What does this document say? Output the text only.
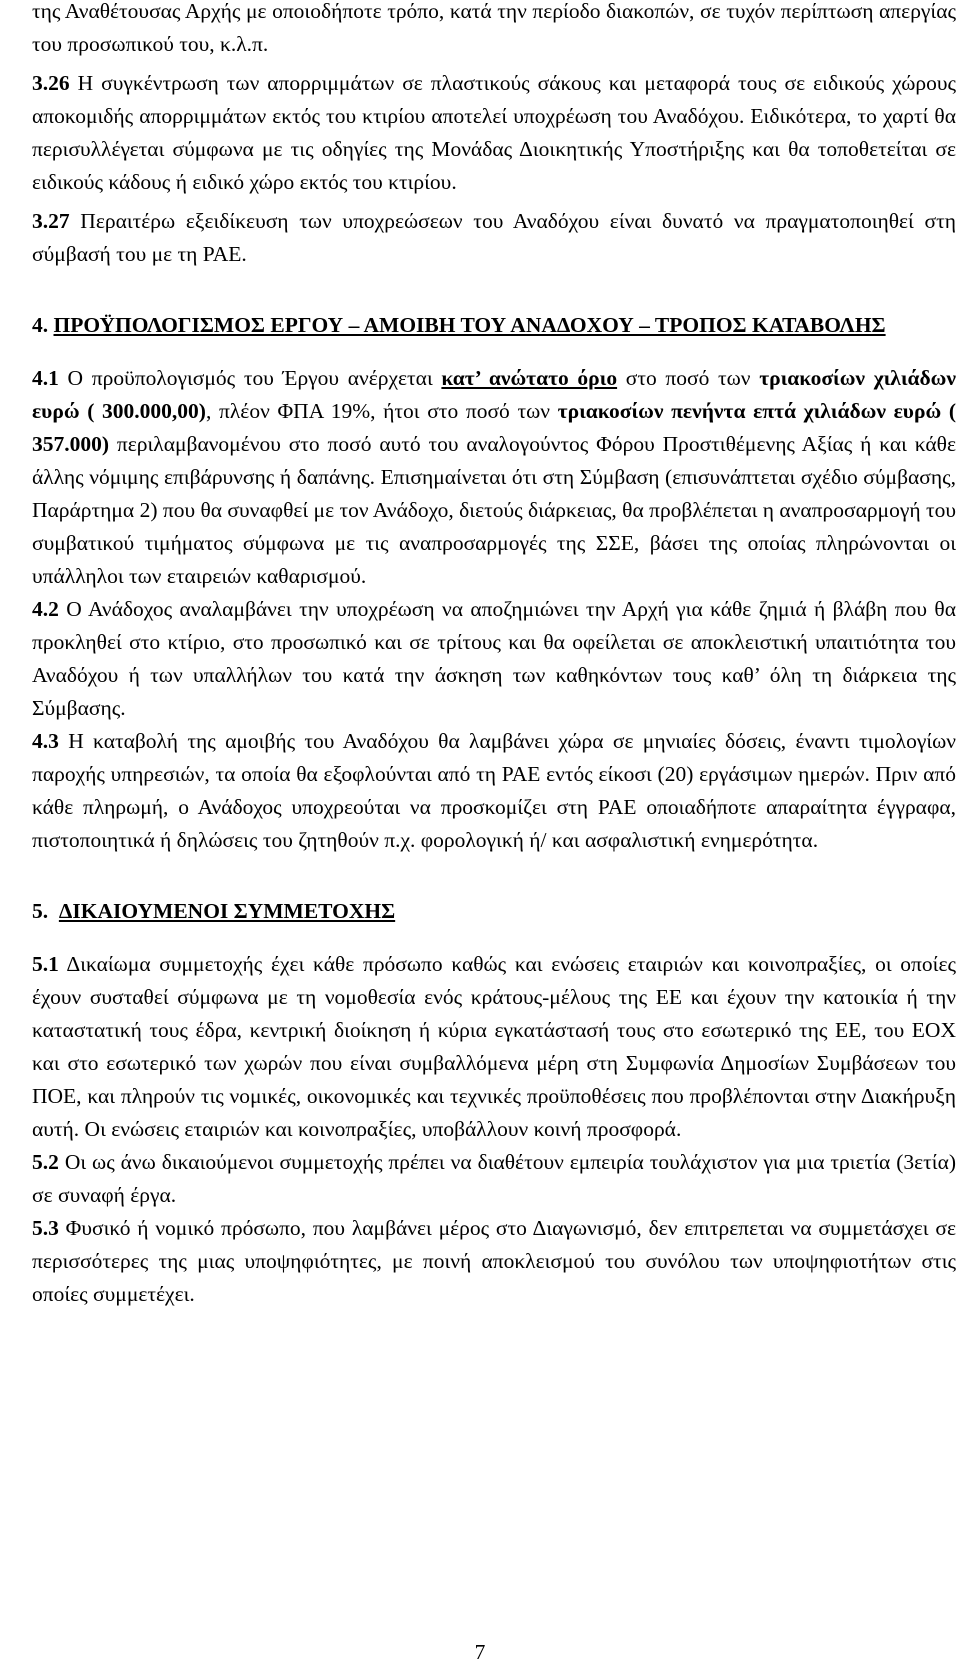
της Αναθέτουσας Αρχής με οποιοδήποτε τρόπο, κατά την περίοδο διακοπών, σε τυχόν περίπτωση απεργίας του προσωπικού του, κ.λ.π.

3.26 Η συγκέντρωση των απορριμμάτων σε πλαστικούς σάκους και μεταφορά τους σε ειδικούς χώρους αποκομιδής απορριμμάτων εκτός του κτιρίου αποτελεί υποχρέωση του Αναδόχου. Ειδικότερα, το χαρτί θα περισυλλέγεται σύμφωνα με τις οδηγίες της Μονάδας Διοικητικής Υποστήριξης και θα τοποθετείται σε ειδικούς κάδους ή ειδικό χώρο εκτός του κτιρίου.

3.27 Περαιτέρω εξειδίκευση των υποχρεώσεων του Αναδόχου είναι δυνατό να πραγματοποιηθεί στη σύμβασή του με τη ΡΑΕ.

4. ΠΡΟΫΠΟΛΟΓΙΣΜΟΣ ΕΡΓΟΥ – ΑΜΟΙΒΗ ΤΟΥ ΑΝΑΔΟΧΟΥ – ΤΡΟΠΟΣ ΚΑΤΑΒΟΛΗΣ

4.1 Ο προϋπολογισμός του Έργου ανέρχεται κατ’ ανώτατο όριο στο ποσό των τριακοσίων χιλιάδων ευρώ ( 300.000,00), πλέον ΦΠΑ 19%, ήτοι στο ποσό των τριακοσίων πενήντα επτά χιλιάδων ευρώ ( 357.000) περιλαμβανομένου στο ποσό αυτό του αναλογούντος Φόρου Προστιθέμενης Αξίας ή και κάθε άλλης νόμιμης επιβάρυνσης ή δαπάνης. Επισημαίνεται ότι στη Σύμβαση (επισυνάπτεται σχέδιο σύμβασης, Παράρτημα 2) που θα συναφθεί με τον Ανάδοχο, διετούς διάρκειας, θα προβλέπεται η αναπροσαρμογή του συμβατικού τιμήματος σύμφωνα με τις αναπροσαρμογές της ΣΣΕ, βάσει της οποίας πληρώνονται οι υπάλληλοι των εταιρειών καθαρισμού.

4.2 Ο Ανάδοχος αναλαμβάνει την υποχρέωση να αποζημιώνει την Αρχή για κάθε ζημιά ή βλάβη που θα προκληθεί στο κτίριο, στο προσωπικό και σε τρίτους και θα οφείλεται σε αποκλειστική υπαιτιότητα του Αναδόχου ή των υπαλλήλων του κατά την άσκηση των καθηκόντων τους καθ’ όλη τη διάρκεια της Σύμβασης.

4.3 Η καταβολή της αμοιβής του Αναδόχου θα λαμβάνει χώρα σε μηνιαίες δόσεις, έναντι τιμολογίων παροχής υπηρεσιών, τα οποία θα εξοφλούνται από τη ΡΑΕ εντός είκοσι (20) εργάσιμων ημερών. Πριν από κάθε πληρωμή, ο Ανάδοχος υποχρεούται να προσκομίζει στη ΡΑΕ οποιαδήποτε απαραίτητα έγγραφα, πιστοποιητικά ή δηλώσεις του ζητηθούν π.χ. φορολογική ή/ και ασφαλιστική ενημερότητα.

5. ΔΙΚΑΙΟΥΜΕΝΟΙ ΣΥΜΜΕΤΟΧΗΣ

5.1 Δικαίωμα συμμετοχής έχει κάθε πρόσωπο καθώς και ενώσεις εταιριών και κοινοπραξίες, οι οποίες έχουν συσταθεί σύμφωνα με τη νομοθεσία ενός κράτους-μέλους της ΕΕ και έχουν την κατοικία ή την καταστατική τους έδρα, κεντρική διοίκηση ή κύρια εγκατάστασή τους στο εσωτερικό της ΕΕ, του ΕΟΧ και στο εσωτερικό των χωρών που είναι συμβαλλόμενα μέρη στη Συμφωνία Δημοσίων Συμβάσεων του ΠΟΕ, και πληρούν τις νομικές, οικονομικές και τεχνικές προϋποθέσεις που προβλέπονται στην Διακήρυξη αυτή. Οι ενώσεις εταιριών και κοινοπραξίες, υποβάλλουν κοινή προσφορά.

5.2 Οι ως άνω δικαιούμενοι συμμετοχής πρέπει να διαθέτουν εμπειρία τουλάχιστον για μια τριετία (3ετία) σε συναφή έργα.

5.3 Φυσικό ή νομικό πρόσωπο, που λαμβάνει μέρος στο Διαγωνισμό, δεν επιτρεπεται να συμμετάσχει σε περισσότερες της μιας υποψηφιότητες, με ποινή αποκλεισμού του συνόλου των υποψηφιοτήτων στις οποίες συμμετέχει.

7
